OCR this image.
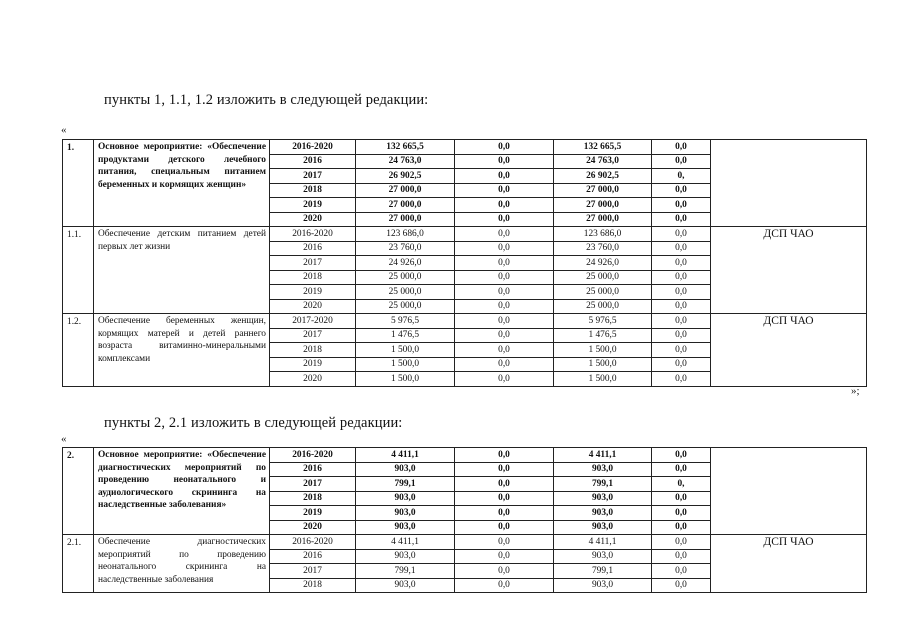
пункты 1, 1.1, 1.2 изложить в следующей редакции:
«
1.	Основное мероприятие: «Обеспечение продуктами детского лечебного питания, специальным питанием беременных и кормящих женщин»	2016-2020	132 665,5	0,0	132 665,5	0,0	
		2016	24 763,0	0,0	24 763,0	0,0	
		2017	26 902,5	0,0	26 902,5	0,	
		2018	27 000,0	0,0	27 000,0	0,0	
		2019	27 000,0	0,0	27 000,0	0,0	
		2020	27 000,0	0,0	27 000,0	0,0	
1.1.	Обеспечение детским питанием детей первых лет жизни	2016-2020	123 686,0	0,0	123 686,0	0,0	ДСП ЧАО
		2016	23 760,0	0,0	23 760,0	0,0	
		2017	24 926,0	0,0	24 926,0	0,0	
		2018	25 000,0	0,0	25 000,0	0,0	
		2019	25 000,0	0,0	25 000,0	0,0	
		2020	25 000,0	0,0	25 000,0	0,0	
1.2.	Обеспечение беременных женщин, кормящих матерей и детей раннего возраста витаминно-минеральными комплексами	2017-2020	5 976,5	0,0	5 976,5	0,0	ДСП ЧАО
		2017	1 476,5	0,0	1 476,5	0,0	
		2018	1 500,0	0,0	1 500,0	0,0	
		2019	1 500,0	0,0	1 500,0	0,0	
		2020	1 500,0	0,0	1 500,0	0,0	
»;
пункты 2, 2.1 изложить в следующей редакции:
«
2.	Основное мероприятие: «Обеспечение диагностических мероприятий по проведению неонатального и аудиологического скрининга на наследственные заболевания»	2016-2020	4 411,1	0,0	4 411,1	0,0	
		2016	903,0	0,0	903,0	0,0	
		2017	799,1	0,0	799,1	0,	
		2018	903,0	0,0	903,0	0,0	
		2019	903,0	0,0	903,0	0,0	
		2020	903,0	0,0	903,0	0,0	
2.1.	Обеспечение диагностических мероприятий по проведению неонатального скрининга на наследственные заболевания	2016-2020	4 411,1	0,0	4 411,1	0,0	ДСП ЧАО
		2016	903,0	0,0	903,0	0,0	
		2017	799,1	0,0	799,1	0,0	
		2018	903,0	0,0	903,0	0,0	
